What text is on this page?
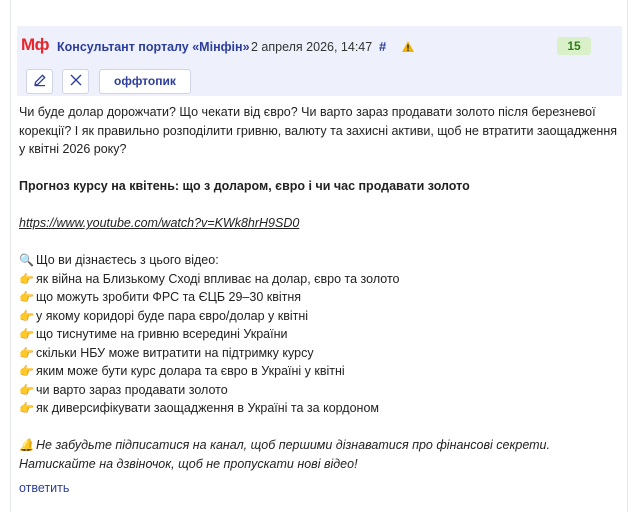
Мф Консультант порталу «Мінфін» 2 апреля 2026, 14:47 #	15
оффтопик
Чи буде долар дорожчати? Що чекати від євро? Чи варто зараз продавати золото після березневої корекції? І як правильно розподілити гривню, валюту та захисні активи, щоб не втратити заощадження у квітні 2026 року?
Прогноз курсу на квітень: що з доларом, євро і чи час продавати золото
https://www.youtube.com/watch?v=KWk8hrH9SD0
🔍 Що ви дізнаєтесь з цього відео:
👉 як війна на Близькому Сході впливає на долар, євро та золото
👉 що можуть зробити ФРС та ЄЦБ 29–30 квітня
👉 у якому коридорі буде пара євро/долар у квітні
👉 що тиснутиме на гривню всередині України
👉 скільки НБУ може витратити на підтримку курсу
👉 яким може бути курс долара та євро в Україні у квітні
👉 чи варто зараз продавати золото
👉 як диверсифікувати заощадження в Україні та за кордоном
🔔 Не забудьте підписатися на канал, щоб першими дізнаватися про фінансові секрети. Натискайте на дзвіночок, щоб не пропускати нові відео!
ответить
